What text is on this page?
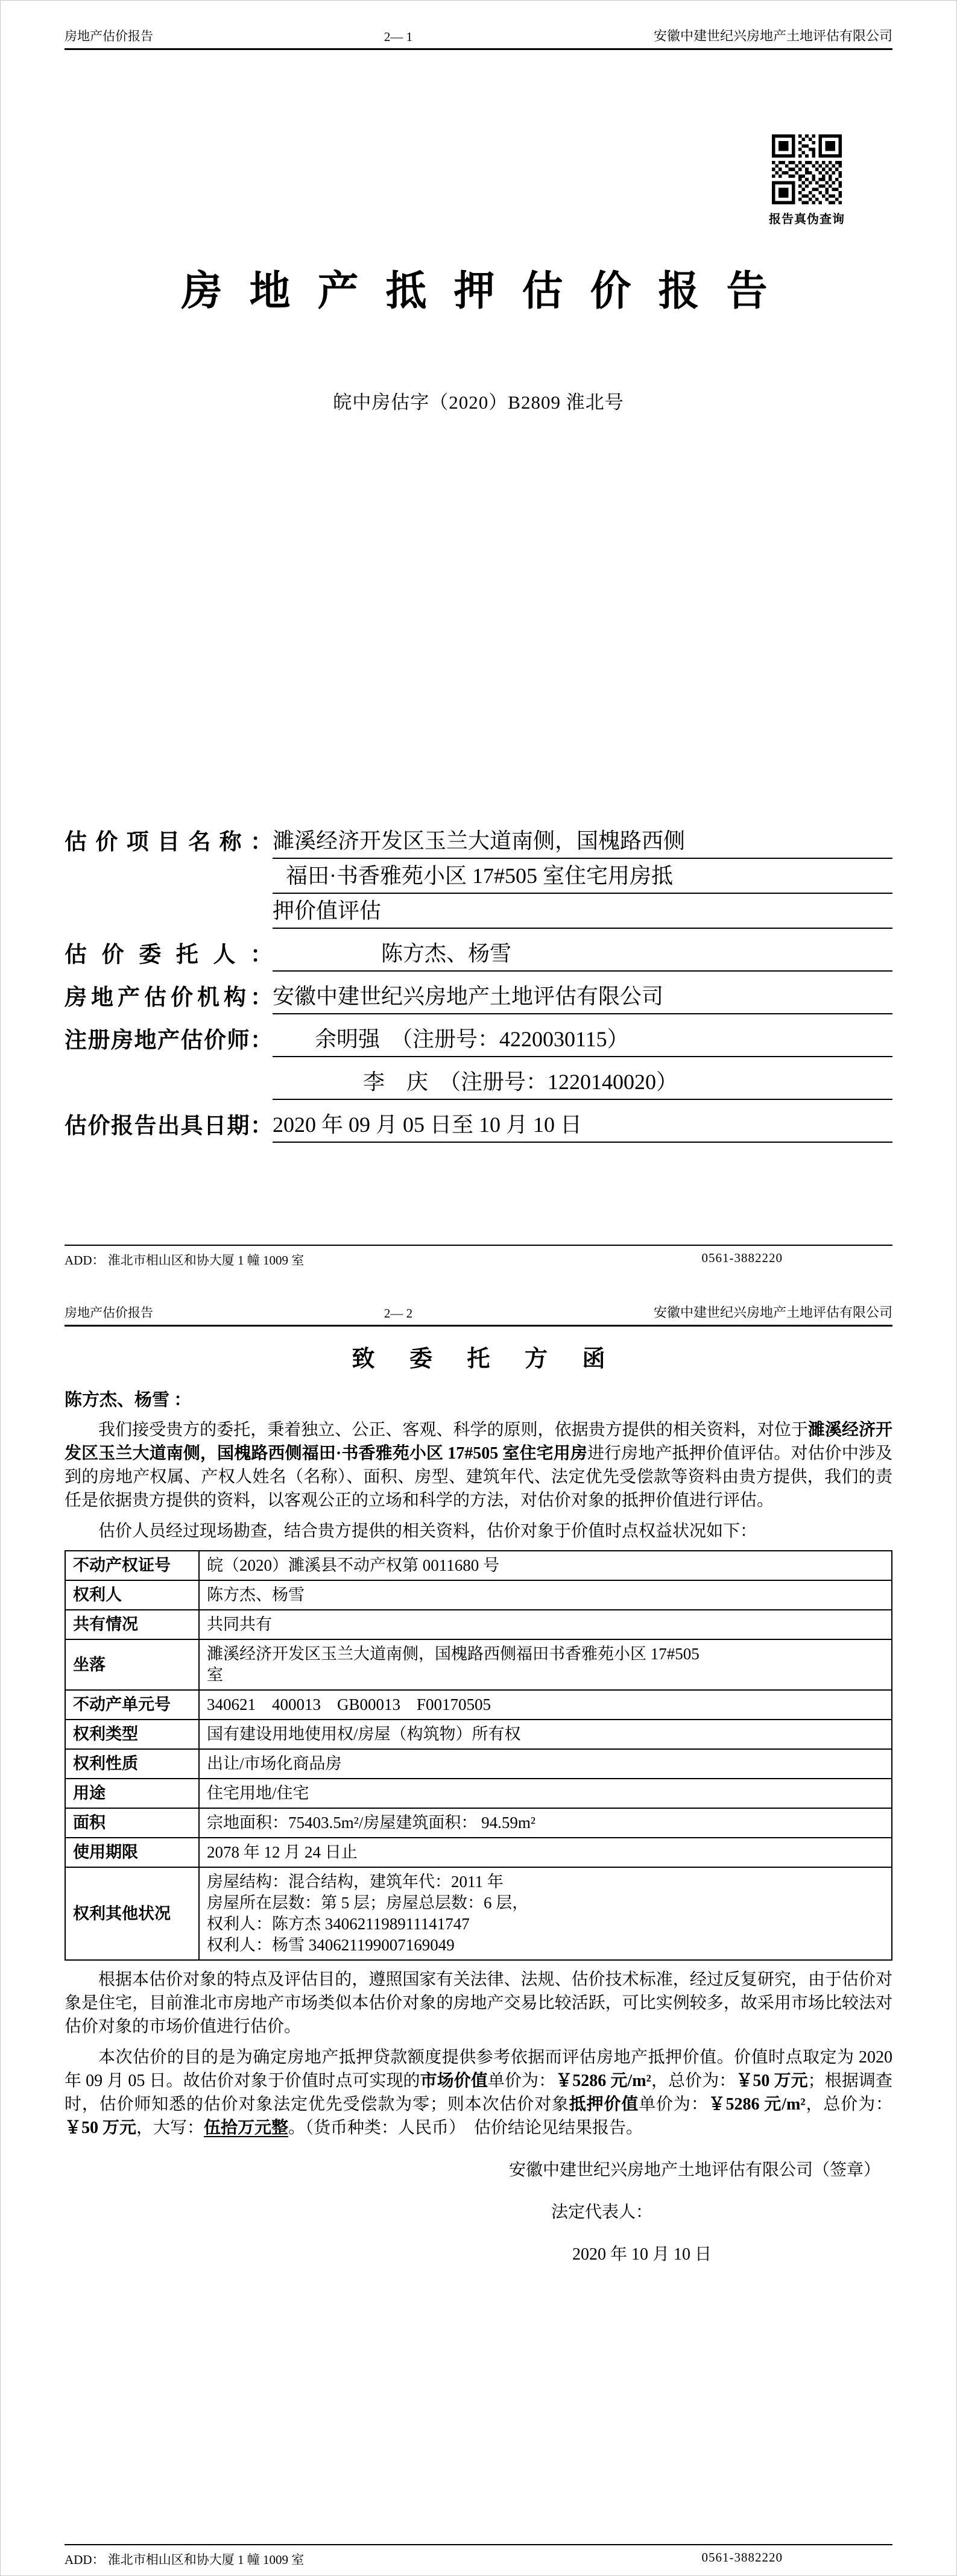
房地产估价报告	2— 1	安徽中建世纪兴房地产土地评估有限公司
报告真伪查询
房 地 产 抵 押 估 价 报 告
皖中房估字（2020）B2809 淮北号
估价项目名称： 濉溪经济开发区玉兰大道南侧，国槐路西侧
福田·书香雅苑小区 17#505 室住宅用房抵
押价值评估
估价委托人：	陈方杰、杨雪
房地产估价机构： 安徽中建世纪兴房地产土地评估有限公司
注册房地产估价师：	余明强　（注册号：4220030115）
李　庆　（注册号：1220140020）
估价报告出具日期： 2020 年 09 月 05 日至 10 月 10 日
ADD： 淮北市相山区和协大厦 1 幢 1009 室	0561-3882220
房地产估价报告	2— 2	安徽中建世纪兴房地产土地评估有限公司
致 委 托 方 函
陈方杰、杨雪 ：

我们接受贵方的委托，秉着独立、公正、客观、科学的原则，依据贵方提供的相关资料，对位于濉溪经济开发区玉兰大道南侧，国槐路西侧福田·书香雅苑小区 17#505 室住宅用房进行房地产抵押价值评估。对估价中涉及到的房地产权属、产权人姓名（名称）、面积、房型、建筑年代、法定优先受偿款等资料由贵方提供，我们的责任是依据贵方提供的资料，以客观公正的立场和科学的方法，对估价对象的抵押价值进行评估。

估价人员经过现场勘查，结合贵方提供的相关资料，估价对象于价值时点权益状况如下：

不动产权证号	皖（2020）濉溪县不动产权第 0011680 号
权利人	陈方杰、杨雪
共有情况	共同共有
坐落	濉溪经济开发区玉兰大道南侧，国槐路西侧福田书香雅苑小区 17#505
室
不动产单元号	340621　400013　GB00013　F00170505
权利类型	国有建设用地使用权/房屋（构筑物）所有权
权利性质	出让/市场化商品房
用途	住宅用地/住宅
面积	宗地面积：75403.5m²/房屋建筑面积： 94.59m²
使用期限	2078 年 12 月 24 日止
权利其他状况	房屋结构：混合结构，建筑年代：2011 年
房屋所在层数：第 5 层；房屋总层数：6 层，
权利人：陈方杰 340621198911141747
权利人：杨雪 340621199007169049

根据本估价对象的特点及评估目的，遵照国家有关法律、法规、估价技术标准，经过反复研究，由于估价对象是住宅，目前淮北市房地产市场类似本估价对象的房地产交易比较活跃，可比实例较多，故采用市场比较法对估价对象的市场价值进行估价。

本次估价的目的是为确定房地产抵押贷款额度提供参考依据而评估房地产抵押价值。价值时点取定为 2020 年 09 月 05 日。故估价对象于价值时点可实现的市场价值单价为：￥5286 元/m²，总价为：￥50 万元；根据调查时，估价师知悉的估价对象法定优先受偿款为零；则本次估价对象抵押价值单价为：￥5286 元/m²，总价为：￥50 万元，大写：伍拾万元整。（货币种类：人民币）　估价结论见结果报告。

安徽中建世纪兴房地产土地评估有限公司（签章）
法定代表人：
2020 年 10 月 10 日
ADD： 淮北市相山区和协大厦 1 幢 1009 室	0561-3882220
